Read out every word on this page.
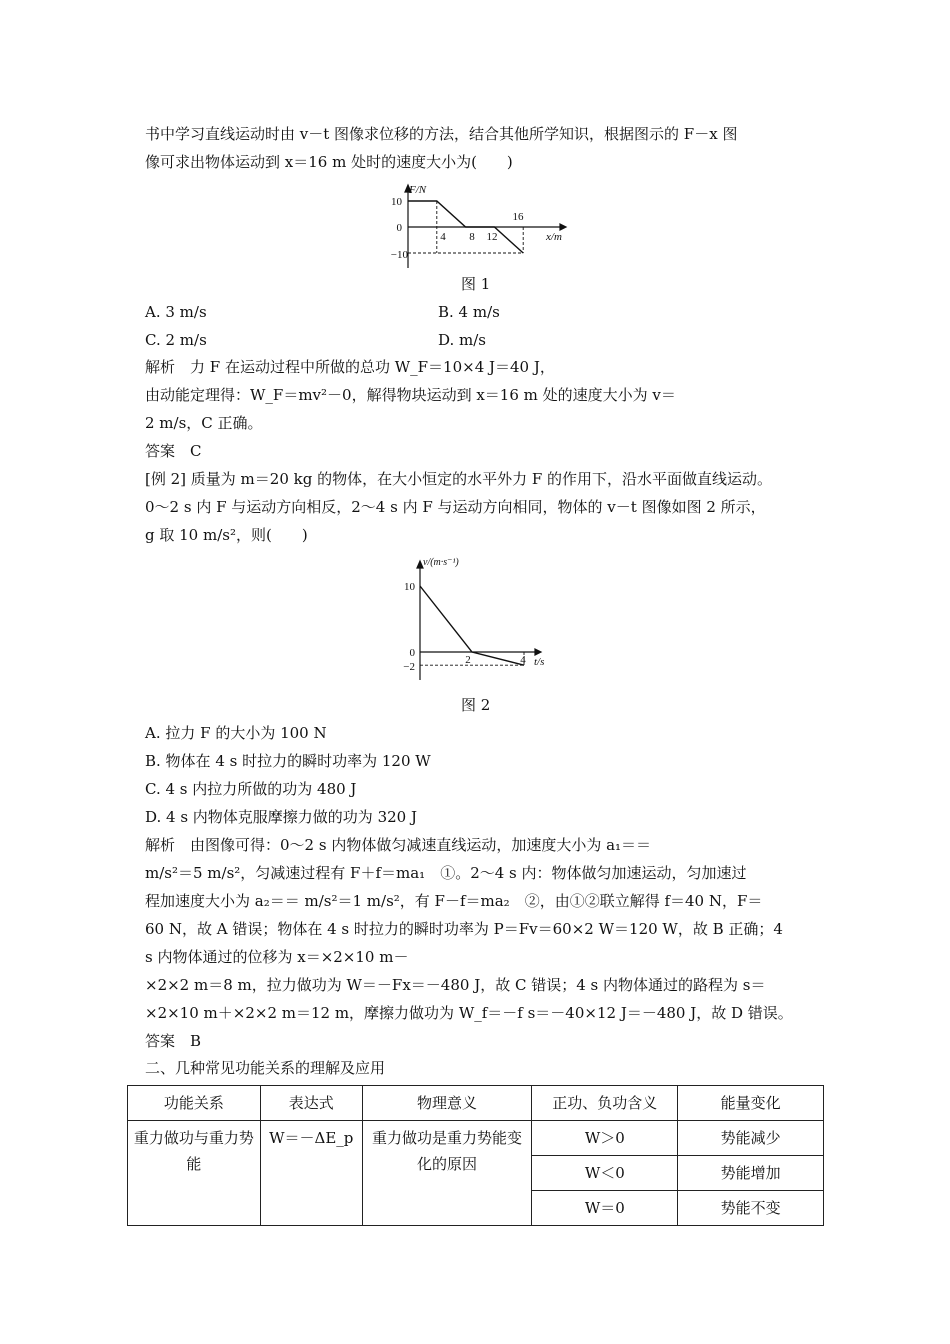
书中学习直线运动时由 v－t 图像求位移的方法，结合其他所学知识，根据图示的 F－x 图
像可求出物体运动到 x＝16 m 处时的速度大小为(　　)
F/N
x/m
10
0
−10
4 8 12
16
图 1
A. 3 m/s	B. 4 m/s
C. 2 m/s	D. m/s
解析　力 F 在运动过程中所做的总功 W_F＝10×4 J＝40 J，
由动能定理得：W_F＝mv²－0，解得物块运动到 x＝16 m 处的速度大小为 v＝
2 m/s，C 正确。
答案　C
[例 2] 质量为 m＝20 kg 的物体，在大小恒定的水平外力 F 的作用下，沿水平面做直线运动。
0～2 s 内 F 与运动方向相反，2～4 s 内 F 与运动方向相同，物体的 v－t 图像如图 2 所示，
g 取 10 m/s²，则(　　)
v/(m·s⁻¹)
t/s
10
0
−2
2	4
图 2
A. 拉力 F 的大小为 100 N
B. 物体在 4 s 时拉力的瞬时功率为 120 W
C. 4 s 内拉力所做的功为 480 J
D. 4 s 内物体克服摩擦力做的功为 320 J
解析　由图像可得：0～2 s 内物体做匀减速直线运动，加速度大小为 a₁＝＝
m/s²＝5 m/s²，匀减速过程有 F＋f＝ma₁　①。2～4 s 内：物体做匀加速运动，匀加速过
程加速度大小为 a₂＝＝ m/s²＝1 m/s²，有 F－f＝ma₂　②，由①②联立解得 f＝40 N，F＝
60 N，故 A 错误；物体在 4 s 时拉力的瞬时功率为 P＝Fv＝60×2 W＝120 W，故 B 正确；4
s 内物体通过的位移为 x＝×2×10 m－
×2×2 m＝8 m，拉力做功为 W＝－Fx＝－480 J，故 C 错误；4 s 内物体通过的路程为 s＝
×2×10 m＋×2×2 m＝12 m，摩擦力做功为 W_f＝－f s＝－40×12 J＝－480 J，故 D 错误。
答案　B
二、几种常见功能关系的理解及应用
功能关系	表达式	物理意义	正功、负功含义	能量变化
重力做功与重力势能	W＝－ΔE_p	重力做功是重力势能变化的原因	W＞0	势能减少
			W＜0	势能增加
			W＝0	势能不变
